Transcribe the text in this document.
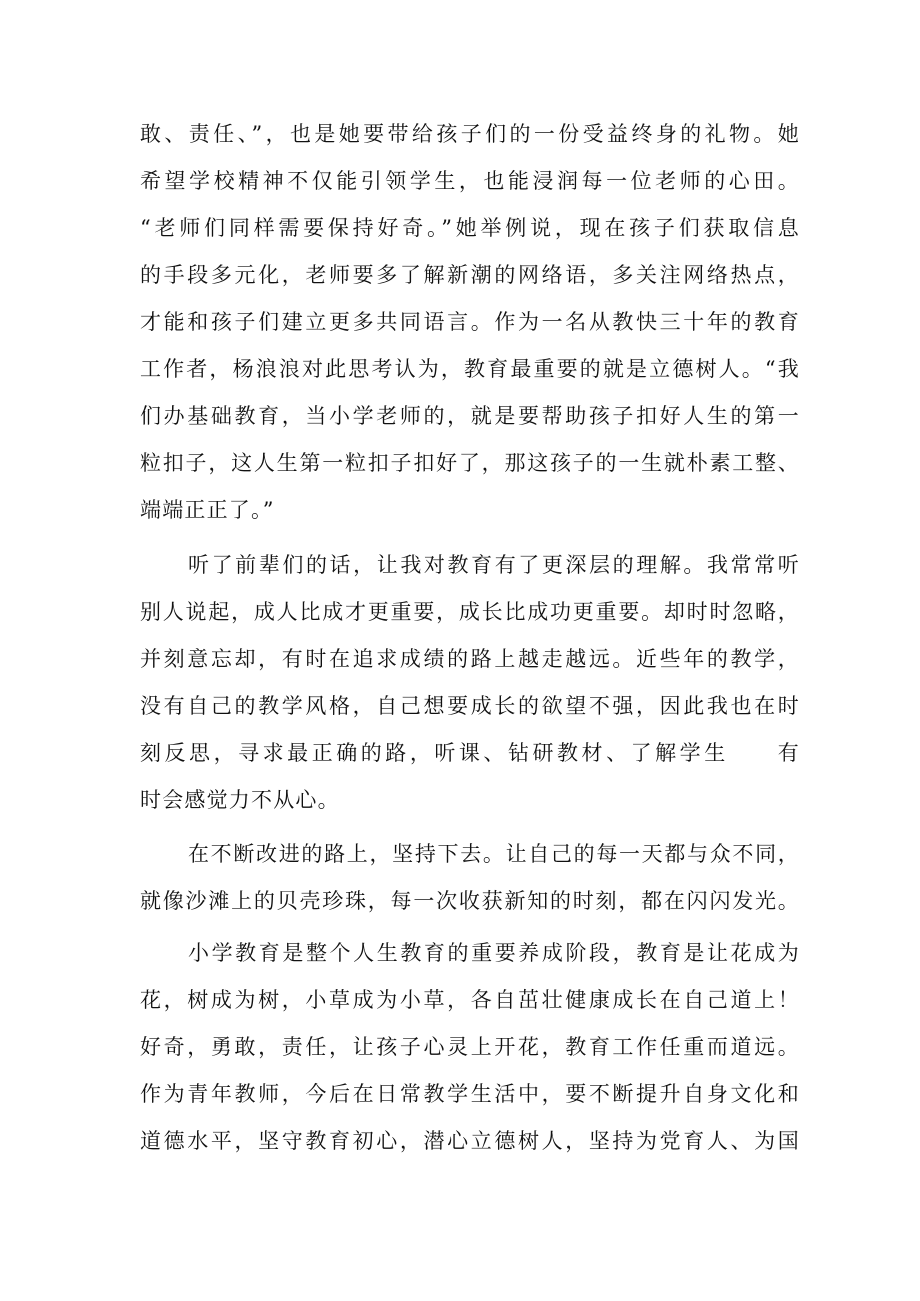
敢、责任、”，也是她要带给孩子们的一份受益终身的礼物。她
希望学校精神不仅能引领学生，也能浸润每一位老师的心田。
“老师们同样需要保持好奇。”她举例说，现在孩子们获取信息
的手段多元化，老师要多了解新潮的网络语，多关注网络热点，
才能和孩子们建立更多共同语言。作为一名从教快三十年的教育
工作者，杨浪浪对此思考认为，教育最重要的就是立德树人。“我
们办基础教育，当小学老师的，就是要帮助孩子扣好人生的第一
粒扣子，这人生第一粒扣子扣好了，那这孩子的一生就朴素工整、
端端正正了。”
听了前辈们的话，让我对教育有了更深层的理解。我常常听
别人说起，成人比成才更重要，成长比成功更重要。却时时忽略，
并刻意忘却，有时在追求成绩的路上越走越远。近些年的教学，
没有自己的教学风格，自己想要成长的欲望不强，因此我也在时
刻反思，寻求最正确的路，听课、钻研教材、了解学生　　有
时会感觉力不从心。
在不断改进的路上，坚持下去。让自己的每一天都与众不同，
就像沙滩上的贝壳珍珠，每一次收获新知的时刻，都在闪闪发光。
小学教育是整个人生教育的重要养成阶段，教育是让花成为
花，树成为树，小草成为小草，各自茁壮健康成长在自己道上！
好奇，勇敢，责任，让孩子心灵上开花，教育工作任重而道远。
作为青年教师，今后在日常教学生活中，要不断提升自身文化和
道德水平，坚守教育初心，潜心立德树人，坚持为党育人、为国
